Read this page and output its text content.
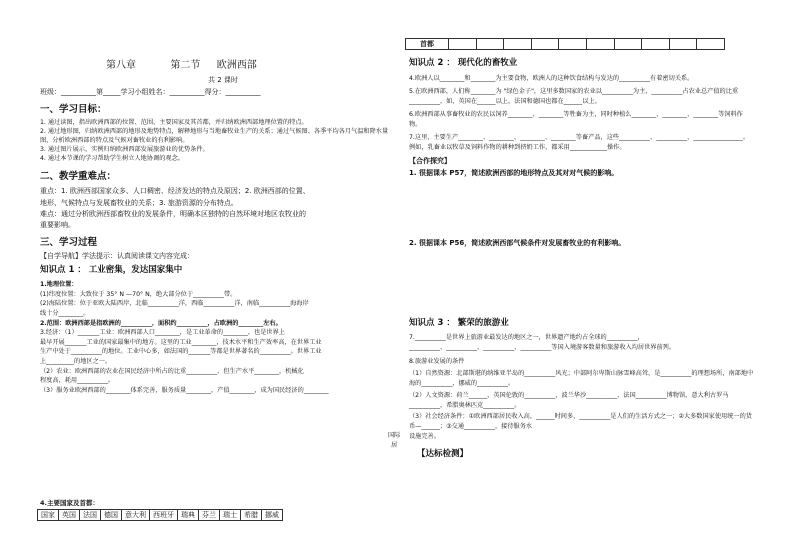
首都										
第八章	第二节 欧洲西部
共 2 课时
班级：__________第_____学习小组姓名：__________得分：__________
一、学习目标：
1. 通过读图，指出欧洲西部的位置、范围、主要国家及其首都，并归纳欧洲西部地理位置的特点。
2. 通过地形图，归纳欧洲西部的地形及地势特点，解释地形与当地畜牧业生产的关系；通过气候图、各季平均各月气温和降水量图，分析欧洲西部的特点及气候对畜牧业的有利影响。
3. 通过图片展示，实例归纳欧洲西部发展旅游业的优势条件。
4. 通过本节课的学习帮助学生树立人地协调的观念。
二、教学重难点：
重点：1. 欧洲西部国家众多、人口稠密、经济发达的特点及原因；2. 欧洲西部的位置、
地形、气候特点与发展畜牧业的关系；3. 旅游资源的分布特点。
难点：通过分析欧洲西部畜牧业的发展条件，明确本区独特的自然环境对地区农牧业的
重要影响。
三、学习过程
【自学导航】学法提示：认真阅读课文内容完成：
知识点 1 ： 工业密集，发达国家集中
1.地理位置：
(1)纬度位置：大致位于 35° N —70° N，绝大部分位于__________带。
(2)海陆位置：位于亚欧大陆西岸，北临__________洋，西临__________洋，南临__________海海岸
线十分________。
2.范围：欧洲西部是指欧洲的__________，面积约__________，占欧洲的________左右。
3.经济：（1）_______工业：欧洲西部人口________，是工业革命的________，也是世界上
最早开展_______工业的国家最集中的地方。这里的工业________，技术水平和生产效率高，在世界工业
生产中处于__________的地位。工业中心多，如法国的_______等都是世界著名的__________。世界工业
上_________的地区之一。
（2）农业：欧洲西部的农业在国民经济中所占的比重__________，但生产水平________，机械化
程度高，耗用__________。
（3）服务业欧洲西部的________体系完善，服务质量________，产值________，成为国民经济的________
国际
居
4.主要国家及首都：
国家	英国	法国	德国	意大利	西班牙	瑞典	芬兰	瑞士	希腊	挪威
知识点 2 ： 现代化的畜牧业
4.欧洲人以________和________为主要食物，欧洲人的这种饮食结构与发达的__________有着密切关系。
5.在欧洲西部，人们称________为 "绿色金子"，这里多数国家的农业以__________为主，__________占农业总产值的比重__________，如，英国在______以上，法国和德国也都在______以上。
6.欧洲西部从事畜牧业的农民以饲养________、________等牲畜为主，同时种植么________、________、________等饲料作物。
7.这里，主要生产________、________、________、________等畜产品，这些__________、__________、________________。例如，乳畜业以牧草及饲料作物的耕种到挤奶工作，都采用____________操作。
【合作探究】
1. 很据课本 P57，简述欧洲西部的地形特点及其对对气候的影响。
2. 很据课本 P56，简述欧洲西部气候条件对发展畜牧业的有利影响。
知识点 3 ： 繁荣的旅游业
7.__________是世界上旅游业最发达的地区之一，世界遗产地约占全球的__________，
__________、__________、__________、__________等国入境游客数量和旅游收入均居世界前列。
8.旅游业发展的条件
（1）自然资源：北部斯堪的纳维亚半岛的__________风光；中部阿尔卑斯山脉雪峰高耸，是__________的理想场所，南部地中海的__________，挪威的__________。
（2）人文资源：荷兰______，英国伦敦的__________，波兰华沙__________，法国__________博物馆，意大利古罗马__________，希腊奥林匹克__________。
（3）社会经济条件：①欧洲西部居民收入高，______时间多，__________是人们的生活方式之一；②大多数国家使用统一的货币—______；③交通__________，接待服务水
设施完善。
【达标检测】
